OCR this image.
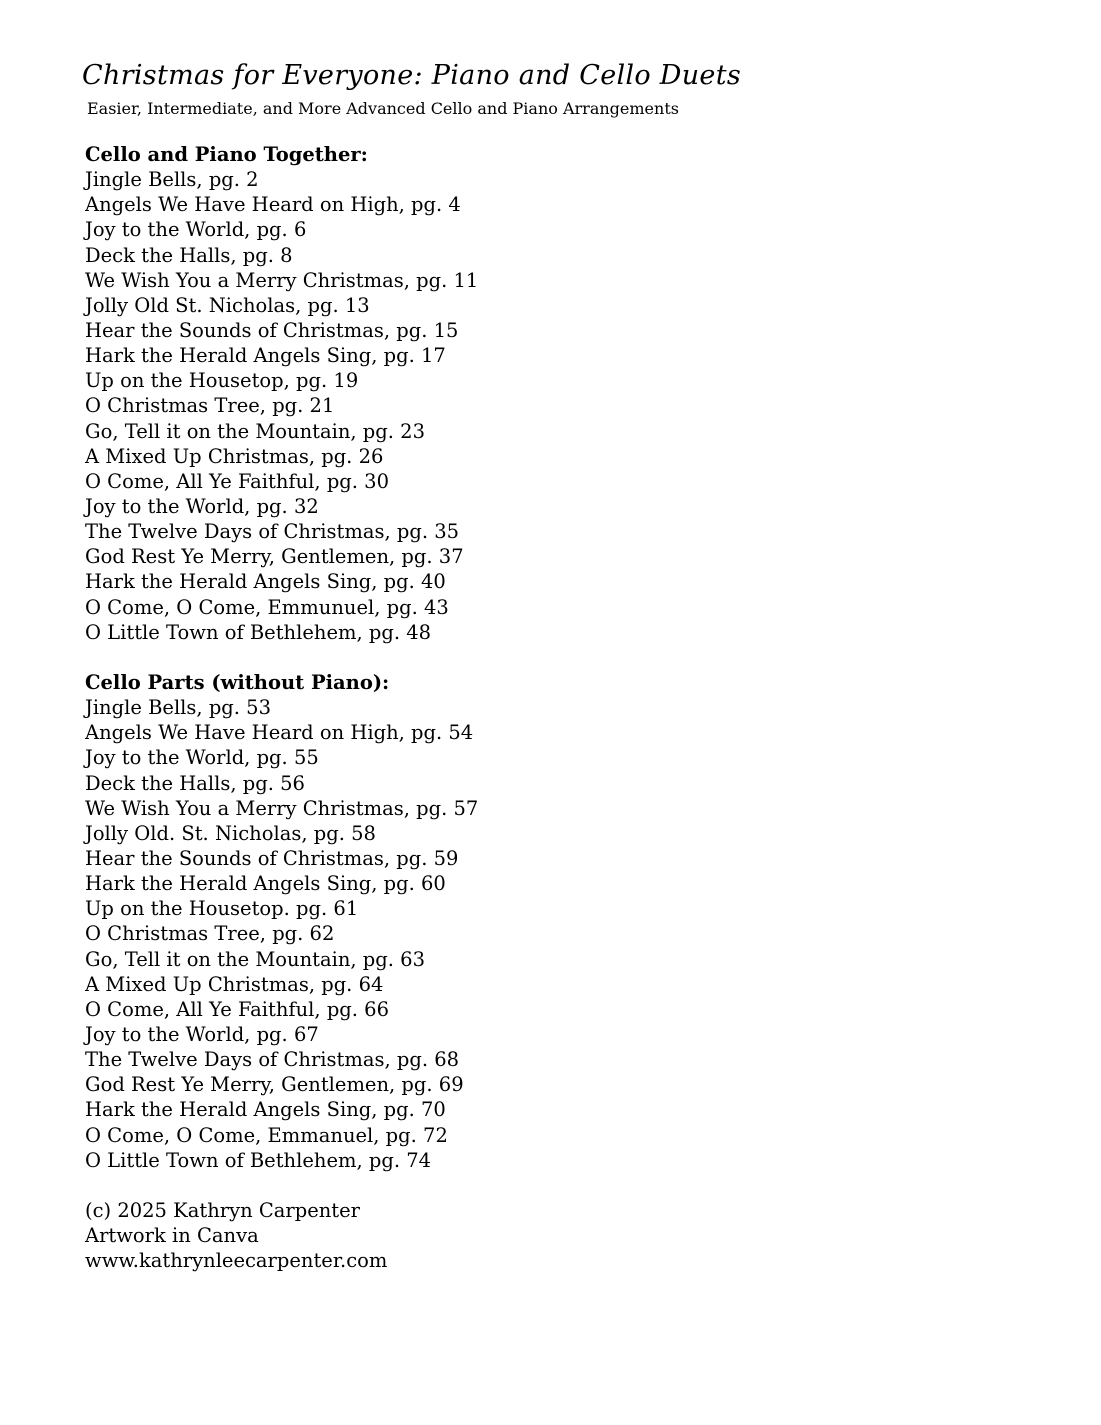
Christmas for Everyone: Piano and Cello Duets

Easier, Intermediate, and More Advanced Cello and Piano Arrangements

Cello and Piano Together:
Jingle Bells, pg. 2
Angels We Have Heard on High, pg. 4
Joy to the World, pg. 6
Deck the Halls, pg. 8
We Wish You a Merry Christmas, pg. 11
Jolly Old St. Nicholas, pg. 13
Hear the Sounds of Christmas, pg. 15
Hark the Herald Angels Sing, pg. 17
Up on the Housetop, pg. 19
O Christmas Tree, pg. 21
Go, Tell it on the Mountain, pg. 23
A Mixed Up Christmas, pg. 26
O Come, All Ye Faithful, pg. 30
Joy to the World, pg. 32
The Twelve Days of Christmas, pg. 35
God Rest Ye Merry, Gentlemen, pg. 37
Hark the Herald Angels Sing, pg. 40
O Come, O Come, Emmunuel, pg. 43
O Little Town of Bethlehem, pg. 48
Cello Parts (without Piano):
Jingle Bells, pg. 53
Angels We Have Heard on High, pg. 54
Joy to the World, pg. 55
Deck the Halls, pg. 56
We Wish You a Merry Christmas, pg. 57
Jolly Old. St. Nicholas, pg. 58
Hear the Sounds of Christmas, pg. 59
Hark the Herald Angels Sing, pg. 60
Up on the Housetop. pg. 61
O Christmas Tree, pg. 62
Go, Tell it on the Mountain, pg. 63
A Mixed Up Christmas, pg. 64
O Come, All Ye Faithful, pg. 66
Joy to the World, pg. 67
The Twelve Days of Christmas, pg. 68
God Rest Ye Merry, Gentlemen, pg. 69
Hark the Herald Angels Sing, pg. 70
O Come, O Come, Emmanuel, pg. 72
O Little Town of Bethlehem, pg. 74
(c) 2025 Kathryn Carpenter
Artwork in Canva
www.kathrynleecarpenter.com
